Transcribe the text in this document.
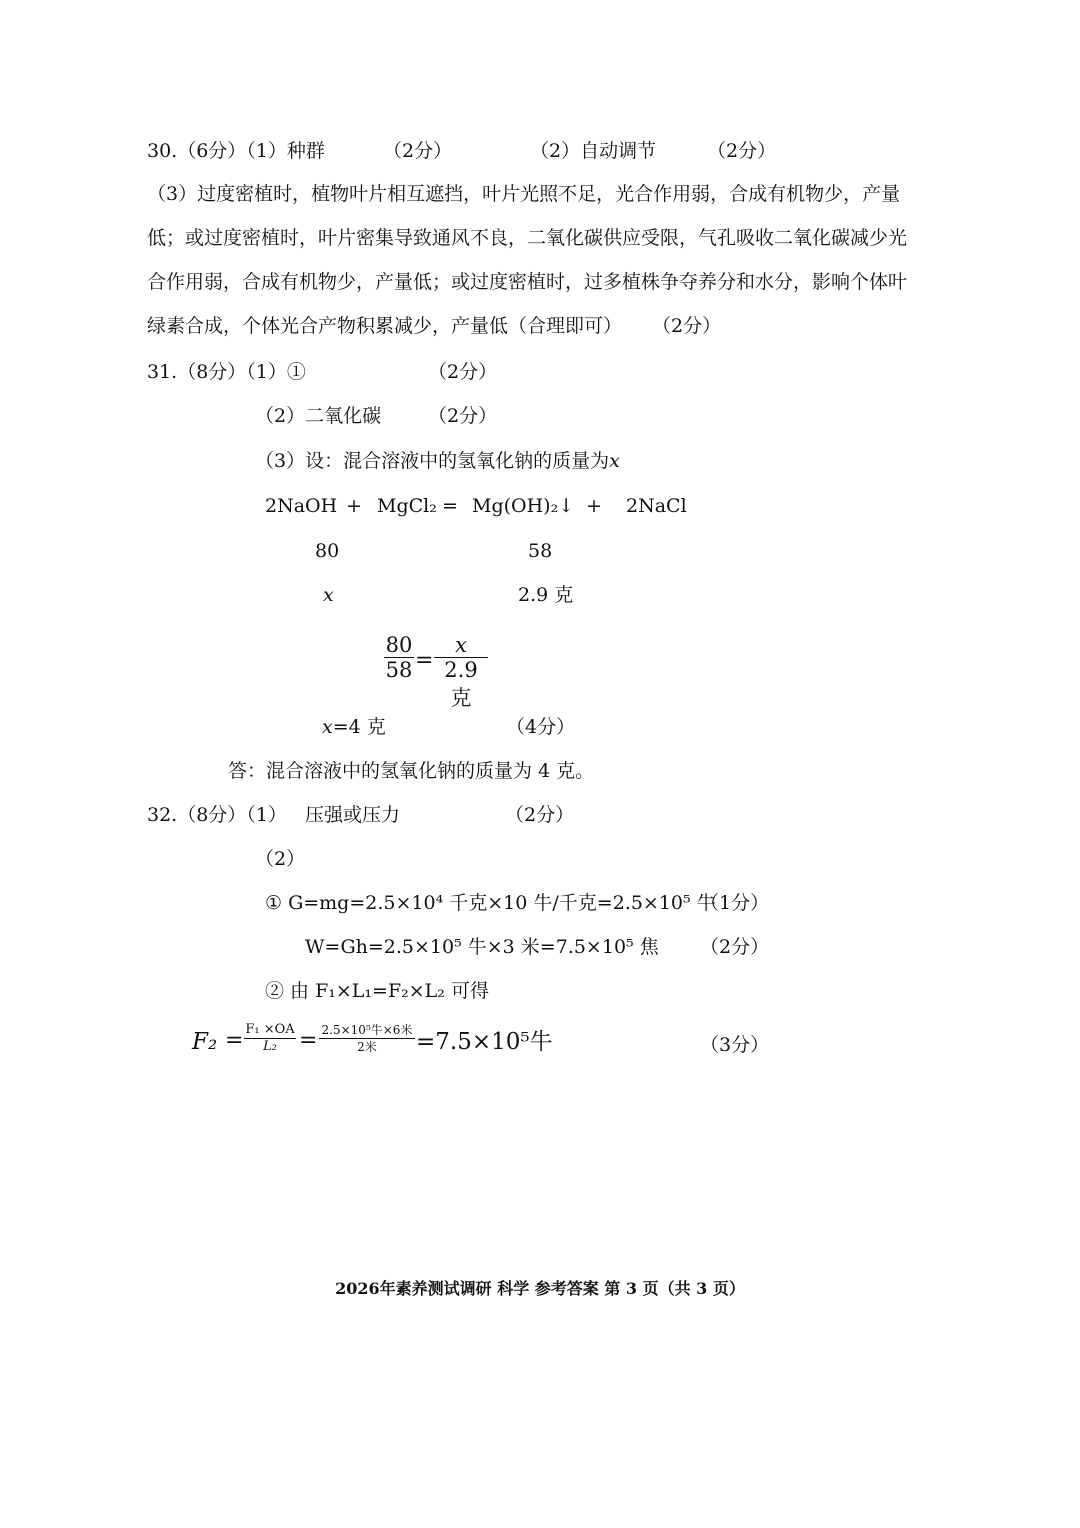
30.（6分）（1）种群	（2分）	（2）自动调节	（2分）
（3）过度密植时，植物叶片相互遮挡，叶片光照不足，光合作用弱，合成有机物少，产量低；或过度密植时，叶片密集导致通风不良，二氧化碳供应受限，气孔吸收二氧化碳减少光合作用弱，合成有机物少，产量低；或过度密植时，过多植株争夺养分和水分，影响个体叶绿素合成，个体光合产物积累减少，产量低（合理即可） （2分）
31.（8分）（1）①	（2分）
（2）二氧化碳 （2分）
（3）设：混合溶液中的氢氧化钠的质量为x
2NaOH + MgCl₂ = Mg(OH)₂↓ + 2NaCl
80	58
x	2.9 克
80
58 =
x
2.9克
x=4 克	（4分）
答：混合溶液中的氢氧化钠的质量为 4 克。
32.（8分）（1） 压强或压力	（2分）
（2）
① G=mg=2.5×10⁴ 千克×10 牛/千克=2.5×10⁵ 牛
（1分）
W=Gh=2.5×10⁵ 牛×3 米=7.5×10⁵ 焦 （2分）
② 由 F₁×L₁=F₂×L₂ 可得
F₂ = F₁ ×OA
L₂	= 2.5×10⁵牛×6米
2米	=7.5×10⁵牛	（3分）
2026年素养测试调研 科学 参考答案 第 3 页（共 3 页）
